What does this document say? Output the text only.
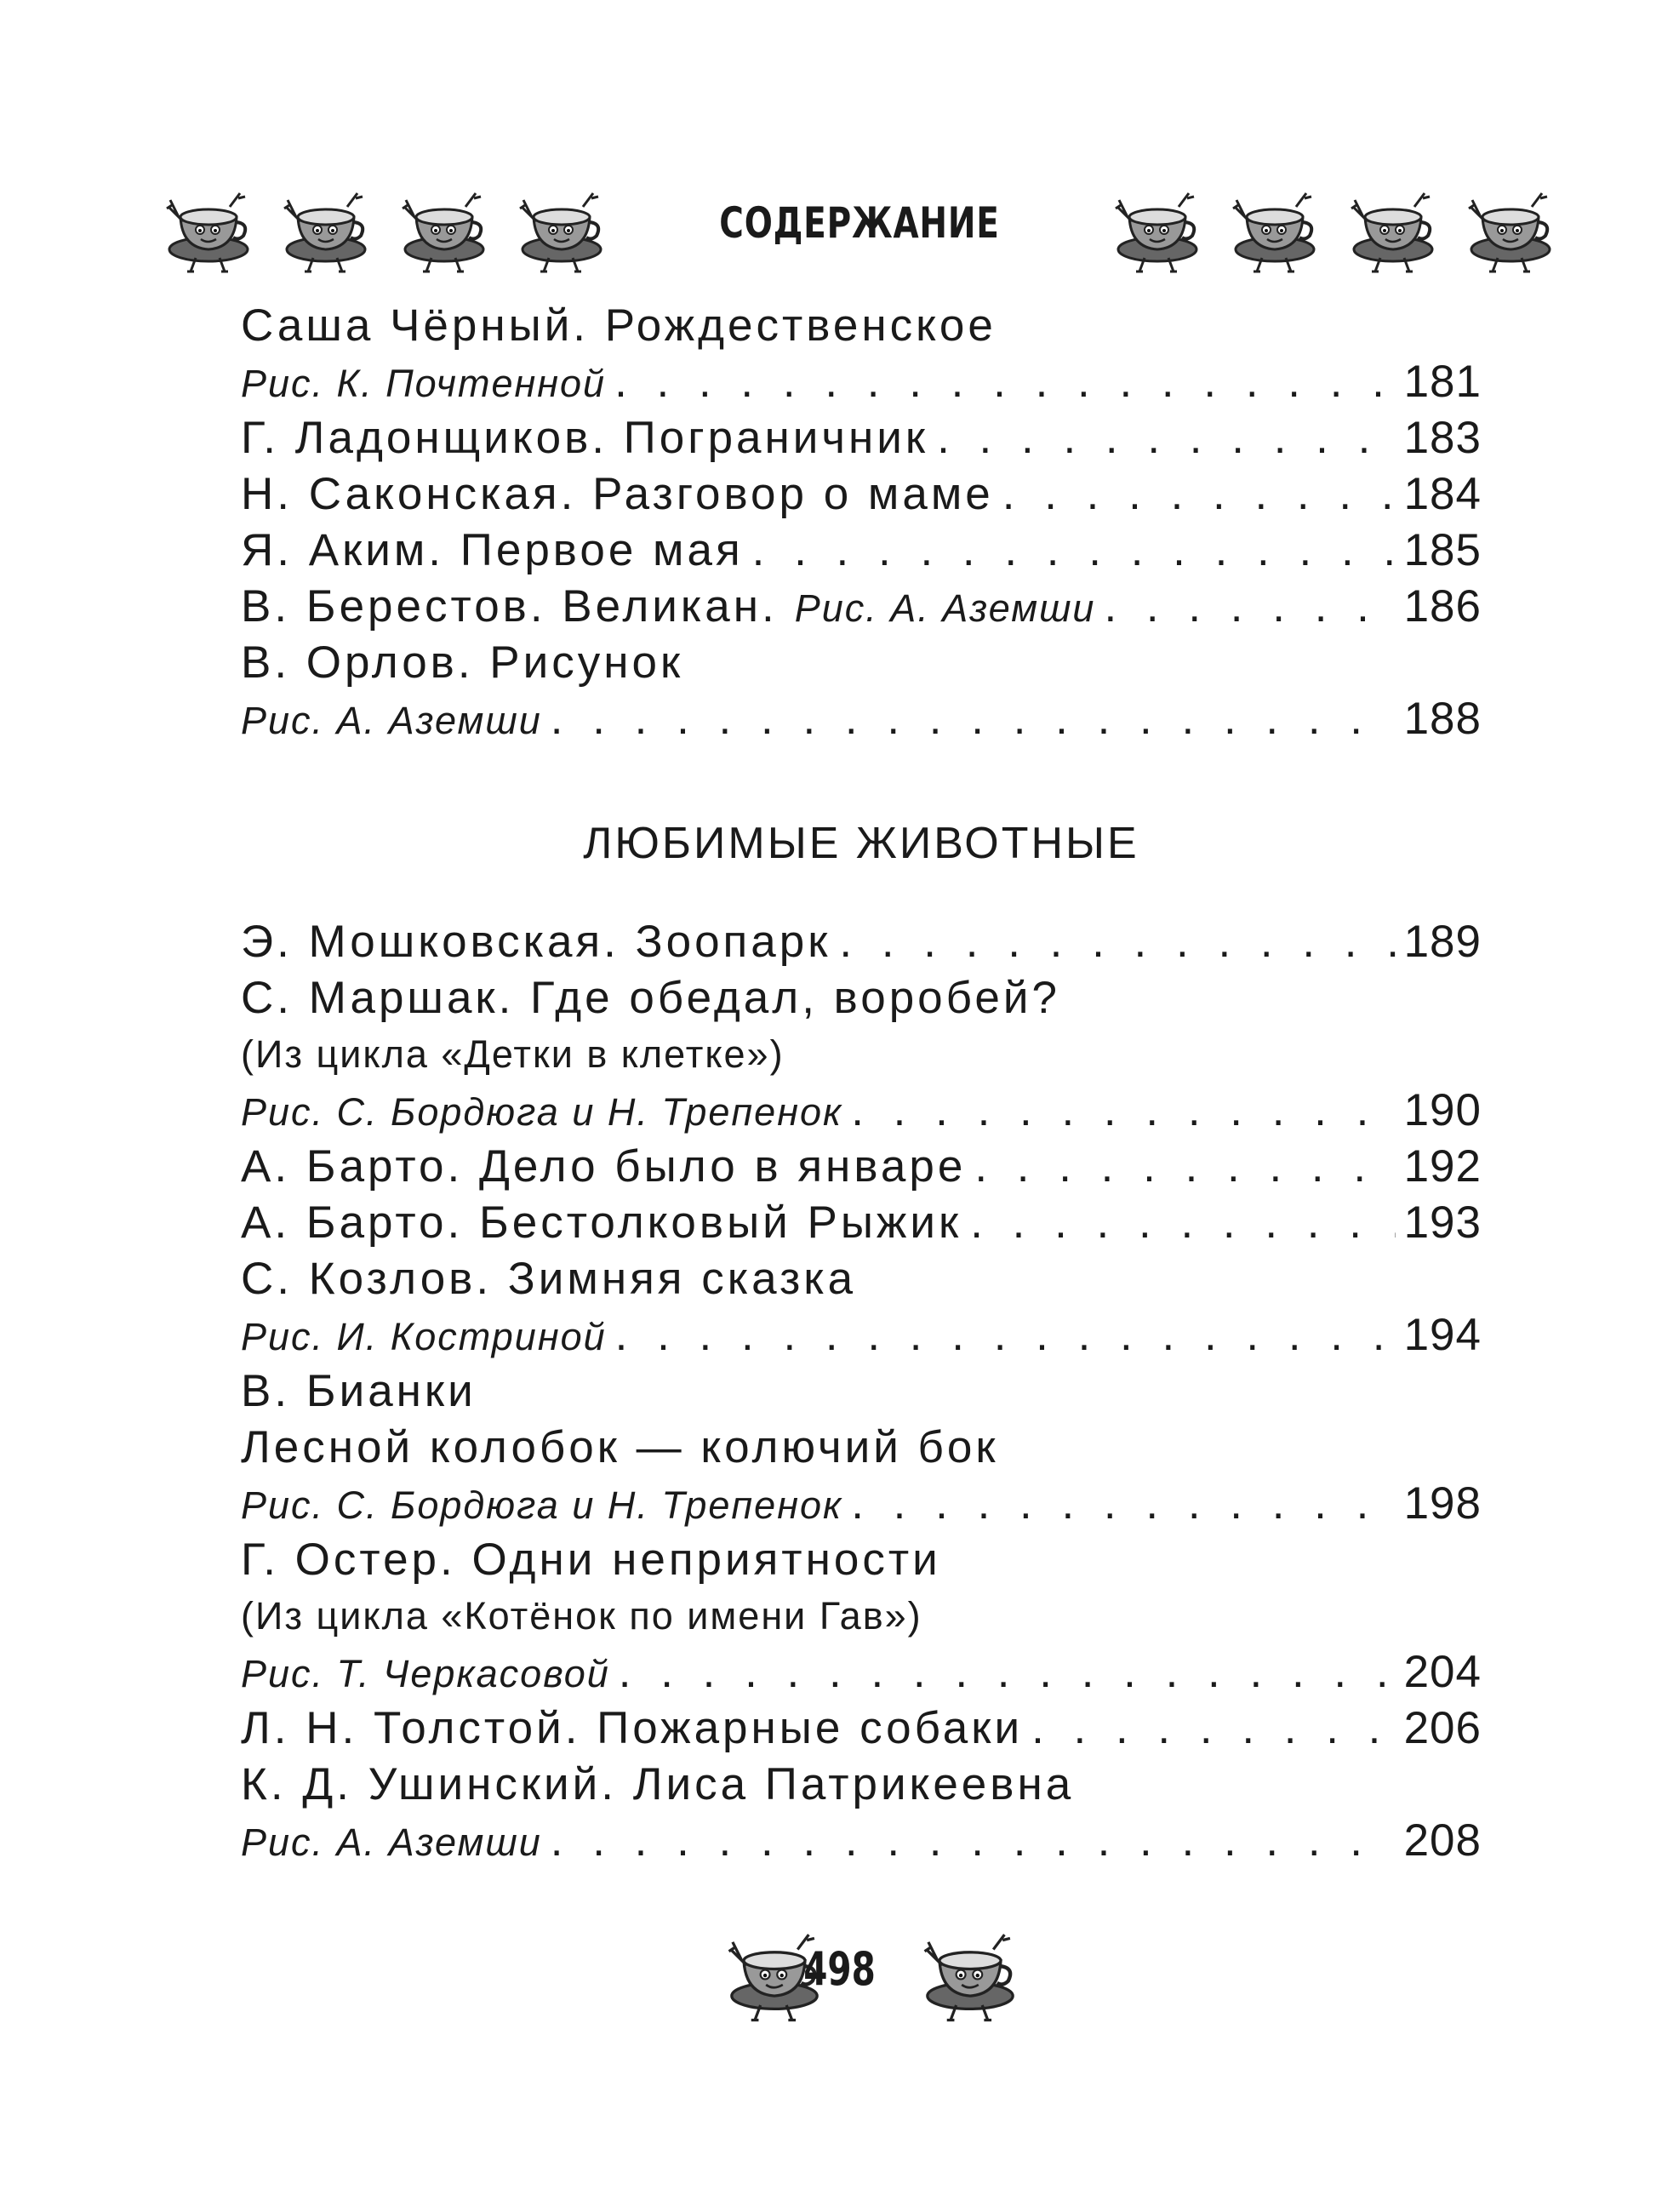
СОДЕРЖАНИЕ

Саша Чёрный. Рождественское
Рис. К. Почтенной . . .	181
Г. Ладонщиков. Пограничник . . .	183
Н. Саконская. Разговор о маме . . .	184
Я. Аким. Первое мая . . .	185
В. Берестов. Великан. Рис. А. Аземши . . .	186
В. Орлов. Рисунок
Рис. А. Аземши . . .	188
ЛЮБИМЫЕ ЖИВОТНЫЕ
Э. Мошковская. Зоопарк . . .	189
С. Маршак. Где обедал, воробей?
(Из цикла «Детки в клетке»)
Рис. С. Бордюга и Н. Трепенок . . .	190
А. Барто. Дело было в январе . . .	192
А. Барто. Бестолковый Рыжик . . .	193
С. Козлов. Зимняя сказка
Рис. И. Костриной . . .	194
В. Бианки
Лесной колобок — колючий бок
Рис. С. Бордюга и Н. Трепенок . . .	198
Г. Остер. Одни неприятности
(Из цикла «Котёнок по имени Гав»)
Рис. Т. Черкасовой . . .	204
Л. Н. Толстой. Пожарные собаки . . .	206
К. Д. Ушинский. Лиса Патрикеевна
Рис. А. Аземши . . .	208
498
